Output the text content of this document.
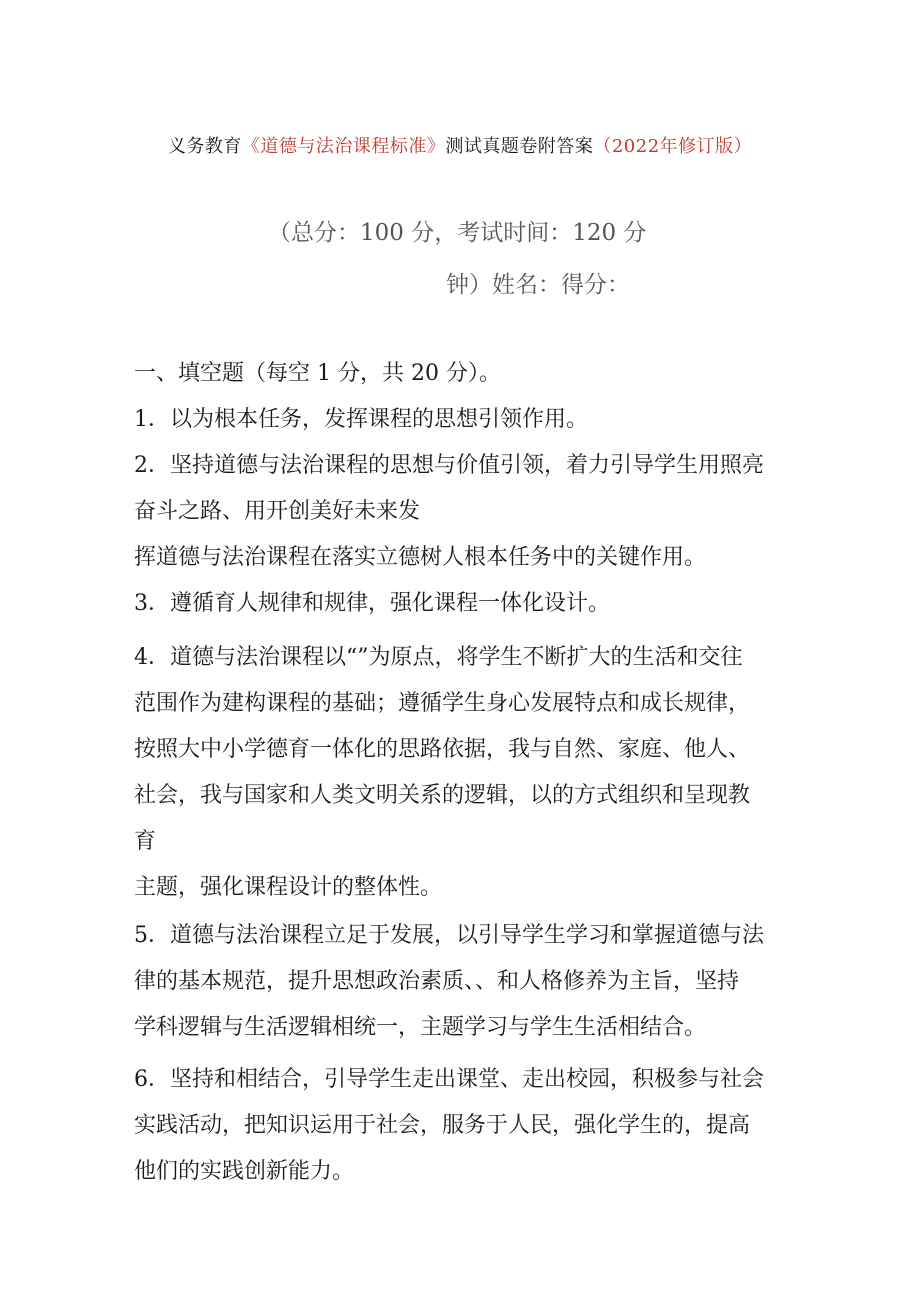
义务教育《道德与法治课程标准》测试真题卷附答案（2022年修订版）
（总分：100 分，考试时间：120 分
钟）姓名：得分：
一、填空题（每空 1 分，共 20 分）。
1．以为根本任务，发挥课程的思想引领作用。
2．坚持道德与法治课程的思想与价值引领，着力引导学生用照亮
奋斗之路、用开创美好未来发
挥道德与法治课程在落实立德树人根本任务中的关键作用。
3．遵循育人规律和规律，强化课程一体化设计。
4．道德与法治课程以“”为原点，将学生不断扩大的生活和交往
范围作为建构课程的基础；遵循学生身心发展特点和成长规律，
按照大中小学德育一体化的思路依据，我与自然、家庭、他人、
社会，我与国家和人类文明关系的逻辑，以的方式组织和呈现教
育
主题，强化课程设计的整体性。
5．道德与法治课程立足于发展，以引导学生学习和掌握道德与法
律的基本规范，提升思想政治素质、、和人格修养为主旨，坚持
学科逻辑与生活逻辑相统一，主题学习与学生生活相结合。
6．坚持和相结合，引导学生走出课堂、走出校园，积极参与社会
实践活动，把知识运用于社会，服务于人民，强化学生的，提高
他们的实践创新能力。
